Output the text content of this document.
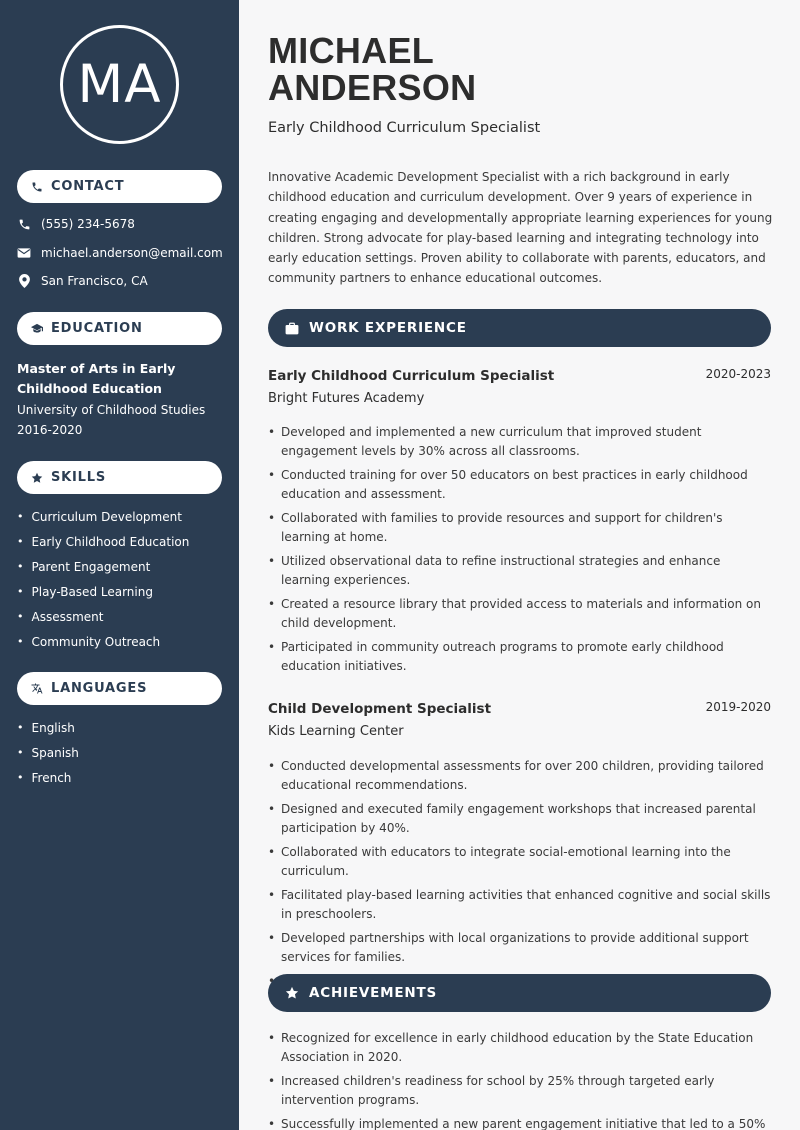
MA
CONTACT
(555) 234-5678
michael.anderson@email.com
San Francisco, CA
EDUCATION
Master of Arts in Early Childhood Education
University of Childhood Studies
2016-2020
SKILLS
• Curriculum Development
• Early Childhood Education
• Parent Engagement
• Play-Based Learning
• Assessment
• Community Outreach
LANGUAGES
• English
• Spanish
• French
MICHAEL
ANDERSON
Early Childhood Curriculum Specialist

Innovative Academic Development Specialist with a rich background in early childhood education and curriculum development. Over 9 years of experience in creating engaging and developmentally appropriate learning experiences for young children. Strong advocate for play-based learning and integrating technology into early education settings. Proven ability to collaborate with parents, educators, and community partners to enhance educational outcomes.

WORK EXPERIENCE
Early Childhood Curriculum Specialist	2020-2023
Bright Futures Academy
• Developed and implemented a new curriculum that improved student engagement levels by 30% across all classrooms.
• Conducted training for over 50 educators on best practices in early childhood education and assessment.
• Collaborated with families to provide resources and support for children's learning at home.
• Utilized observational data to refine instructional strategies and enhance learning experiences.
• Created a resource library that provided access to materials and information on child development.
• Participated in community outreach programs to promote early childhood education initiatives.
Child Development Specialist	2019-2020
Kids Learning Center
• Conducted developmental assessments for over 200 children, providing tailored educational recommendations.
• Designed and executed family engagement workshops that increased parental participation by 40%.
• Collaborated with educators to integrate social-emotional learning into the curriculum.
• Facilitated play-based learning activities that enhanced cognitive and social skills in preschoolers.
• Developed partnerships with local organizations to provide additional support services for families.
•
ACHIEVEMENTS
• Recognized for excellence in early childhood education by the State Education Association in 2020.
• Increased children's readiness for school by 25% through targeted early intervention programs.
• Successfully implemented a new parent engagement initiative that led to a 50%
